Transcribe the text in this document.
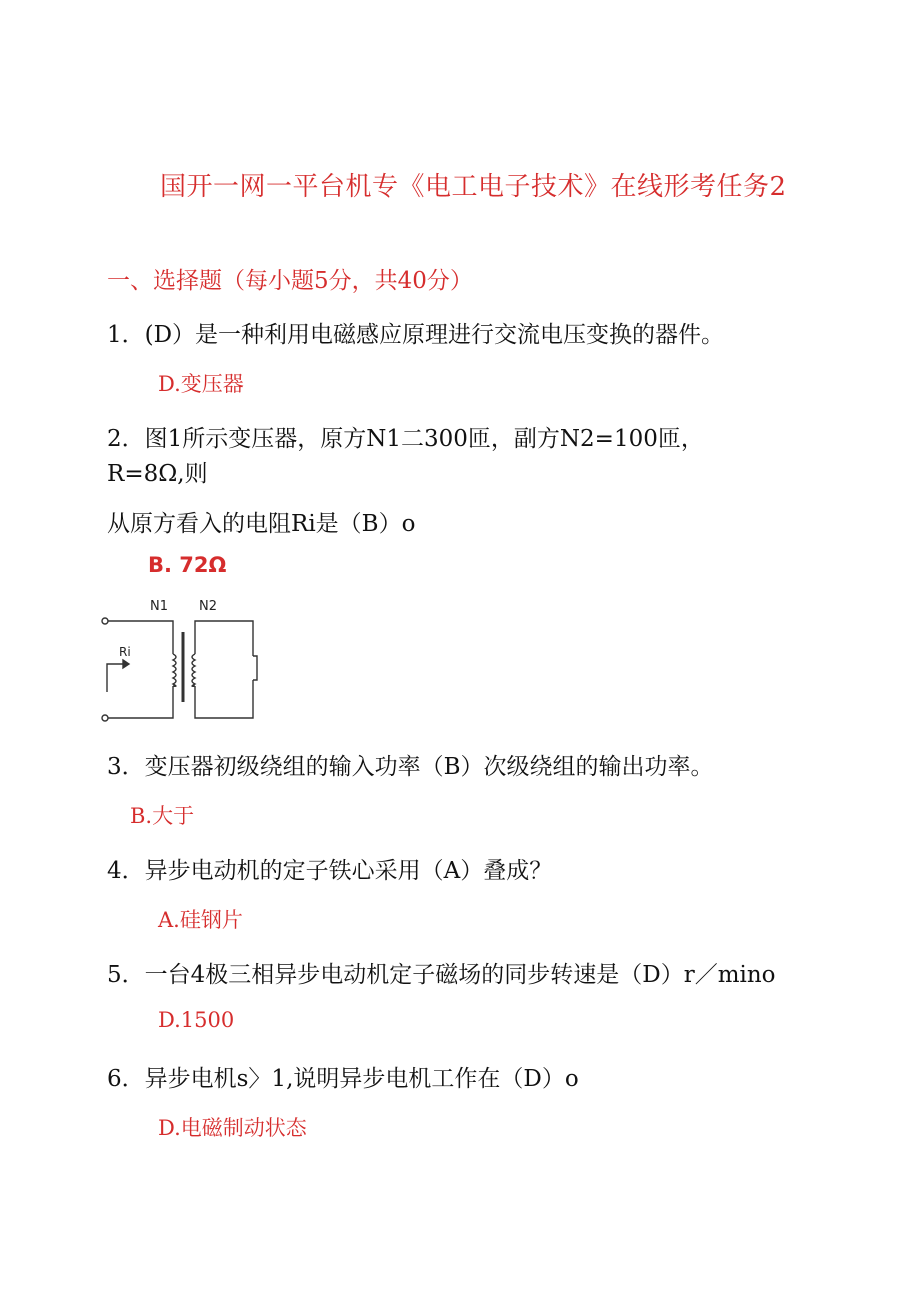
国开一网一平台机专《电工电子技术》在线形考任务2
一、选择题（每小题5分，共40分）
1．(D）是一种利用电磁感应原理进行交流电压变换的器件。
D.变压器
2．图1所示变压器，原方N1二300匝，副方N2=100匝，
R=8Ω,则
从原方看入的电阻Ri是（B）o
B. 72Ω
N1 N2
Ri
3．变压器初级绕组的输入功率（B）次级绕组的输出功率。
B.大于
4．异步电动机的定子铁心采用（A）叠成？
A.硅钢片
5．一台4极三相异步电动机定子磁场的同步转速是（D）r／mino
D.1500
6．异步电机s〉1,说明异步电机工作在（D）o
D.电磁制动状态
